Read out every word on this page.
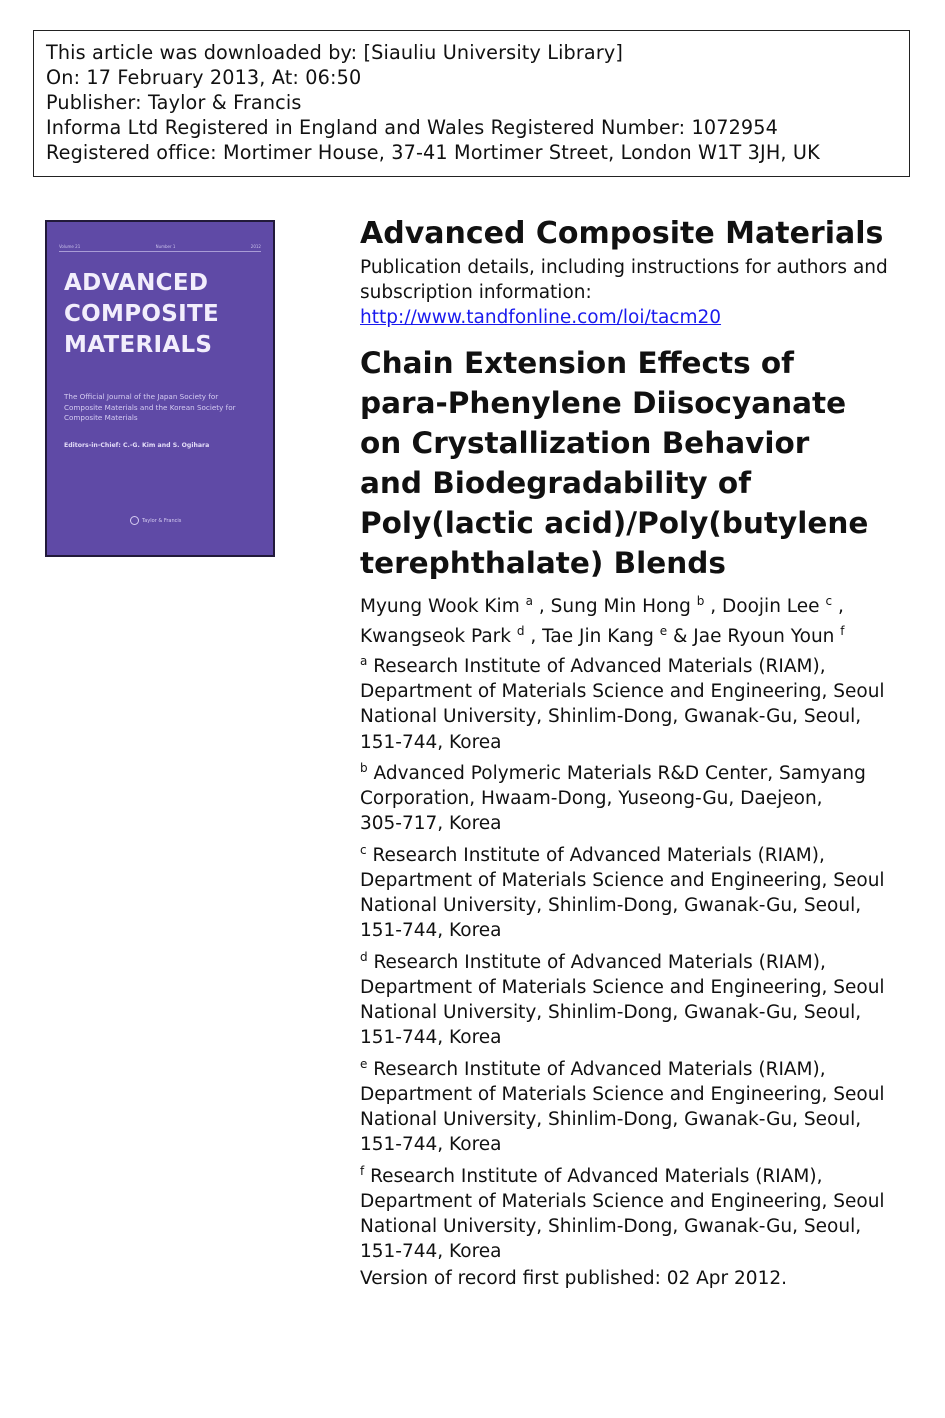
This article was downloaded by: [Siauliu University Library]
On: 17 February 2013, At: 06:50
Publisher: Taylor & Francis
Informa Ltd Registered in England and Wales Registered Number: 1072954
Registered office: Mortimer House, 37-41 Mortimer Street, London W1T 3JH, UK
Volume 21	Number 1	2012
ADVANCED
COMPOSITE
MATERIALS
The Official Journal of the Japan Society for Composite Materials and the Korean Society for Composite Materials
Editors-in-Chief: C.-G. Kim and S. Ogihara
Taylor & Francis
Advanced Composite Materials
Publication details, including instructions for authors and subscription information:
http://www.tandfonline.com/loi/tacm20
Chain Extension Effects of
para-Phenylene Diisocyanate
on Crystallization Behavior
and Biodegradability of
Poly(lactic acid)/Poly(butylene
terephthalate) Blends
Myung Wook Kim $^a$ , Sung Min Hong $^b$ , Doojin Lee $^c$ ,
Kwangseok Park $^d$ , Tae Jin Kang $^e$ & Jae Ryoun Youn $^f$
$^a$ Research Institute of Advanced Materials (RIAM),
Department of Materials Science and Engineering, Seoul
National University, Shinlim-Dong, Gwanak-Gu, Seoul,
151-744, Korea
$^b$ Advanced Polymeric Materials R&D Center, Samyang
Corporation, Hwaam-Dong, Yuseong-Gu, Daejeon,
305-717, Korea
$^c$ Research Institute of Advanced Materials (RIAM),
Department of Materials Science and Engineering, Seoul
National University, Shinlim-Dong, Gwanak-Gu, Seoul,
151-744, Korea
$^d$ Research Institute of Advanced Materials (RIAM),
Department of Materials Science and Engineering, Seoul
National University, Shinlim-Dong, Gwanak-Gu, Seoul,
151-744, Korea
$^e$ Research Institute of Advanced Materials (RIAM),
Department of Materials Science and Engineering, Seoul
National University, Shinlim-Dong, Gwanak-Gu, Seoul,
151-744, Korea
$^f$ Research Institute of Advanced Materials (RIAM),
Department of Materials Science and Engineering, Seoul
National University, Shinlim-Dong, Gwanak-Gu, Seoul,
151-744, Korea
Version of record first published: 02 Apr 2012.
